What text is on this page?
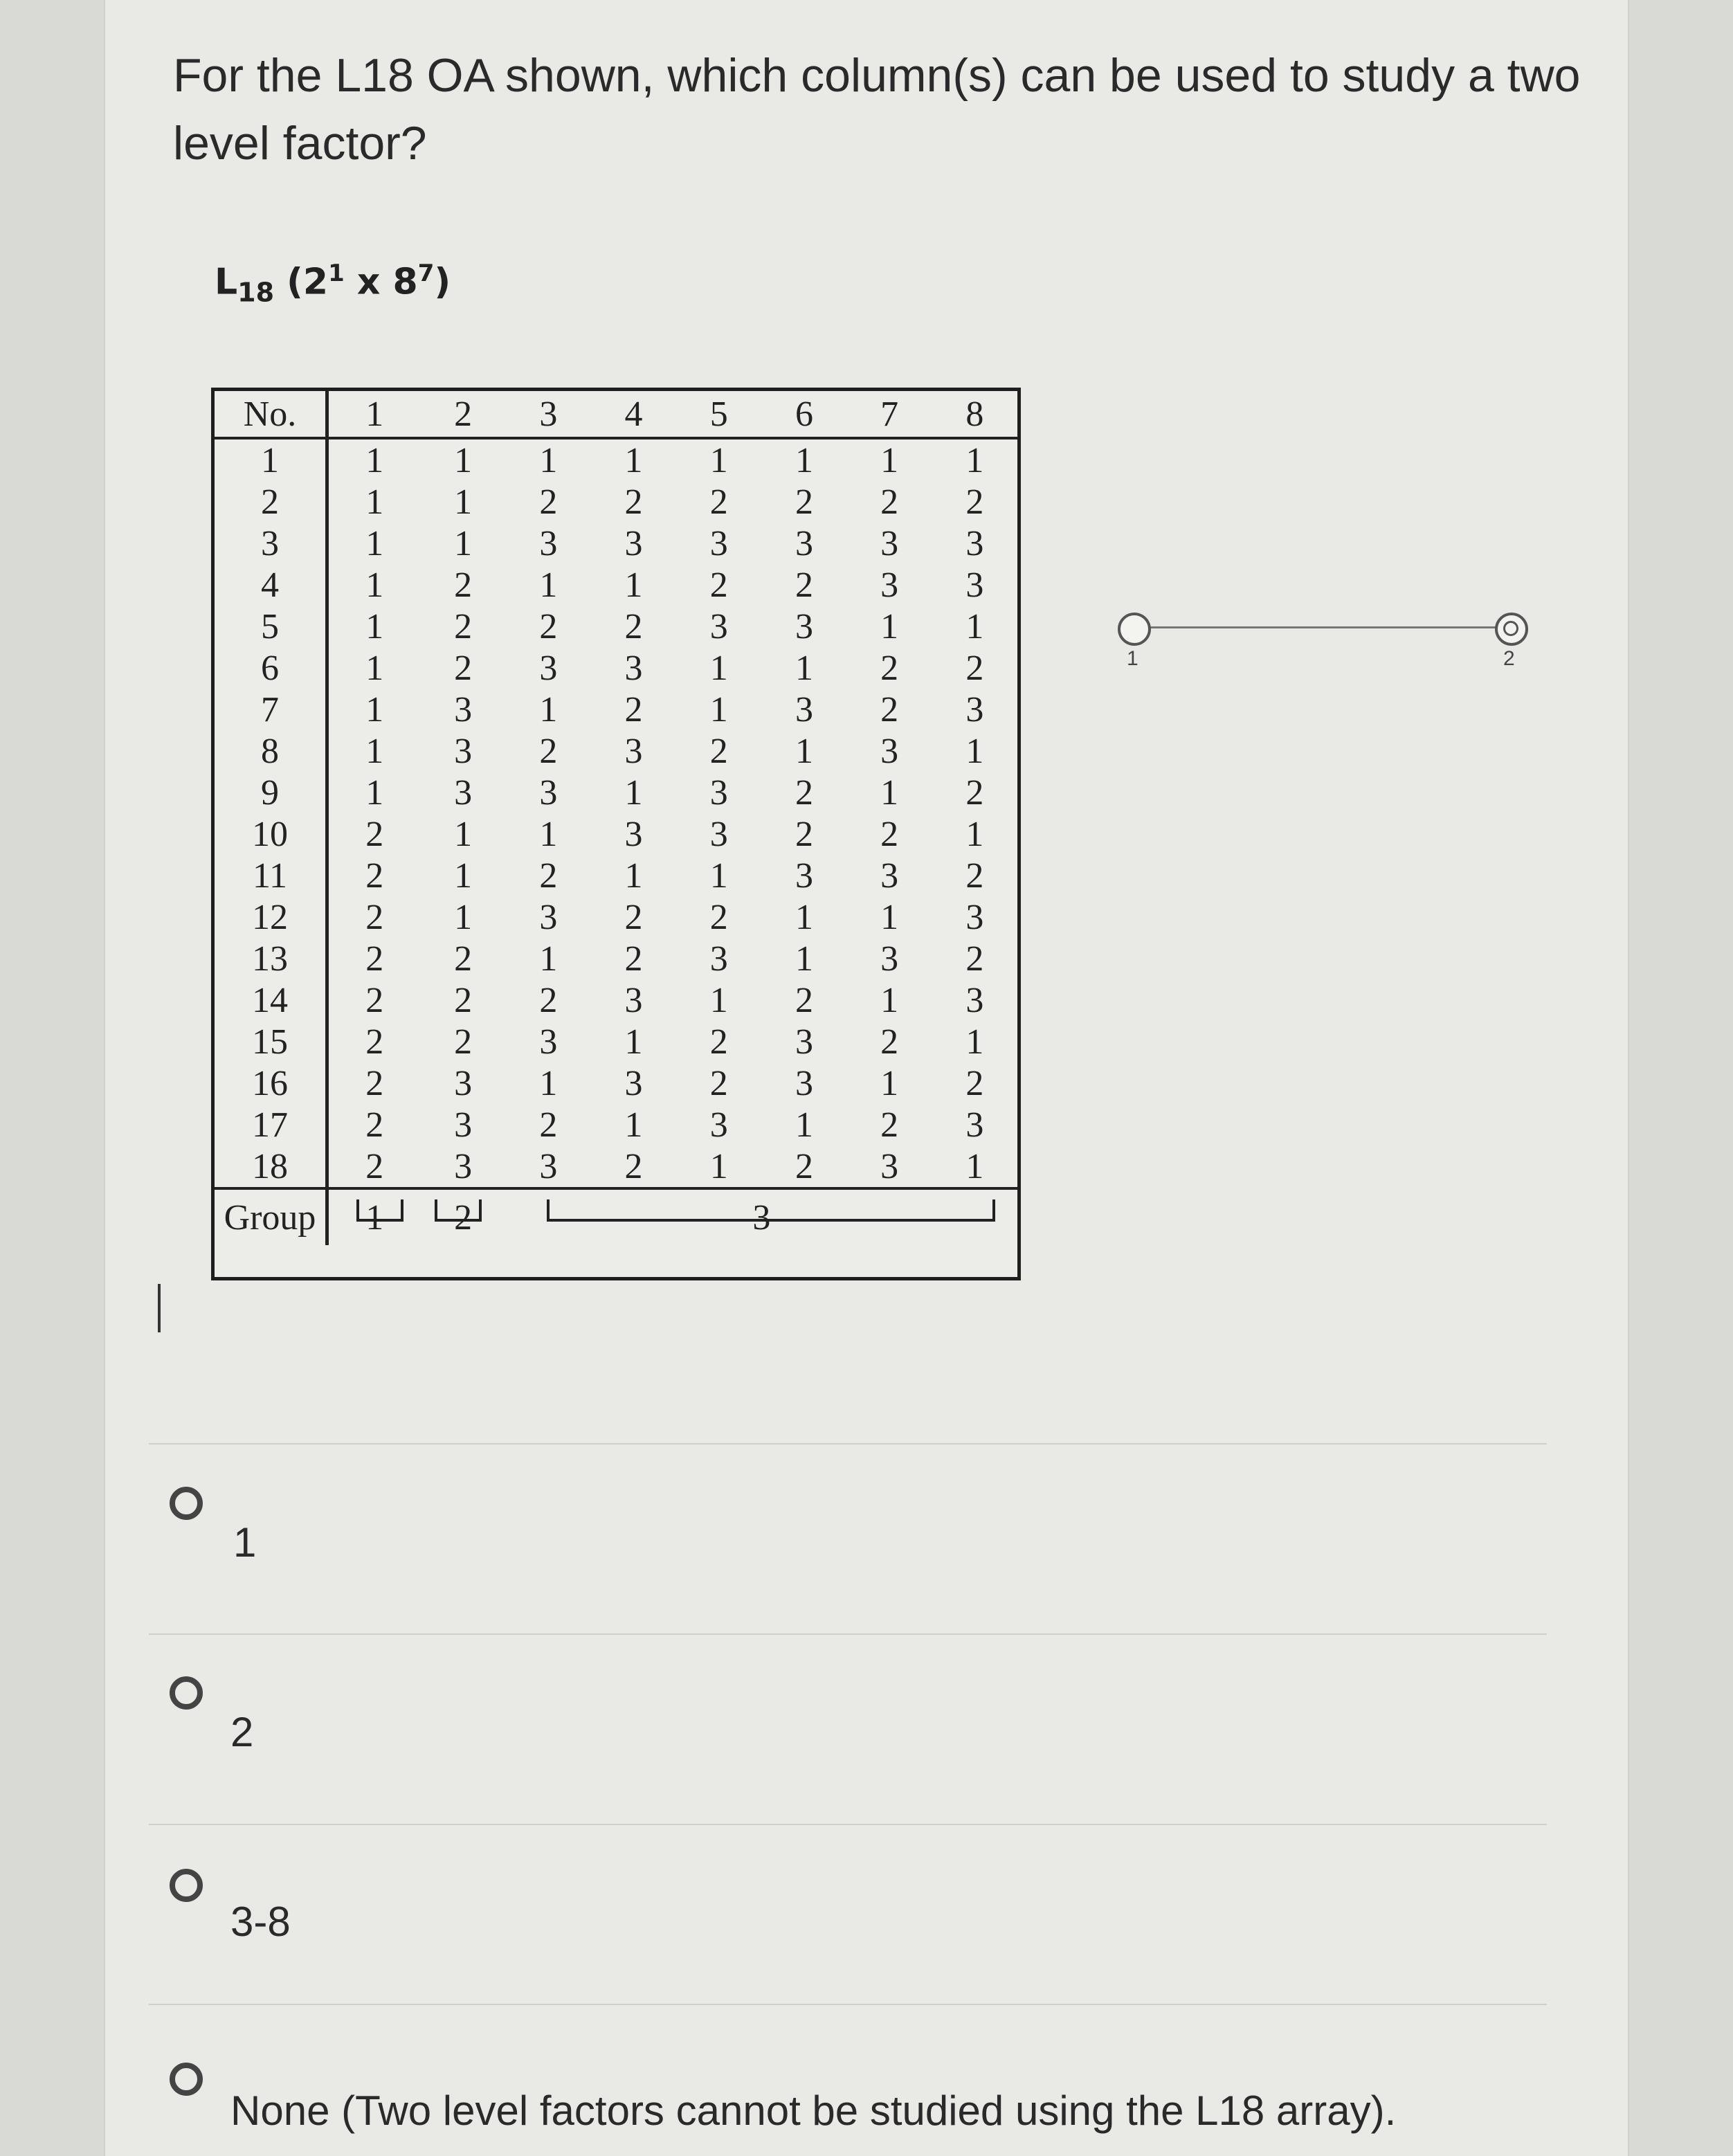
For the L18 OA shown, which column(s) can be used to study a two level factor?
$L_{18}$ ($2^1$ x $8^7$)
No.	1	2	3	4	5	6	7	8
1	1	1	1	1	1	1	1	1
2	1	1	2	2	2	2	2	2
3	1	1	3	3	3	3	3	3
4	1	2	1	1	2	2	3	3
5	1	2	2	2	3	3	1	1
6	1	2	3	3	1	1	2	2
7	1	3	1	2	1	3	2	3
8	1	3	2	3	2	1	3	1
9	1	3	3	1	3	2	1	2
10	2	1	1	3	3	2	2	1
11	2	1	2	1	1	3	3	2
12	2	1	3	2	2	1	1	3
13	2	2	1	2	3	1	3	2
14	2	2	2	3	1	2	1	3
15	2	2	3	1	2	3	2	1
16	2	3	1	3	2	3	1	2
17	2	3	2	1	3	1	2	3
18	2	3	3	2	1	2	3	1
Group	1	2	3					
1	2
1
2
3-8
None (Two level factors cannot be studied using the L18 array).
